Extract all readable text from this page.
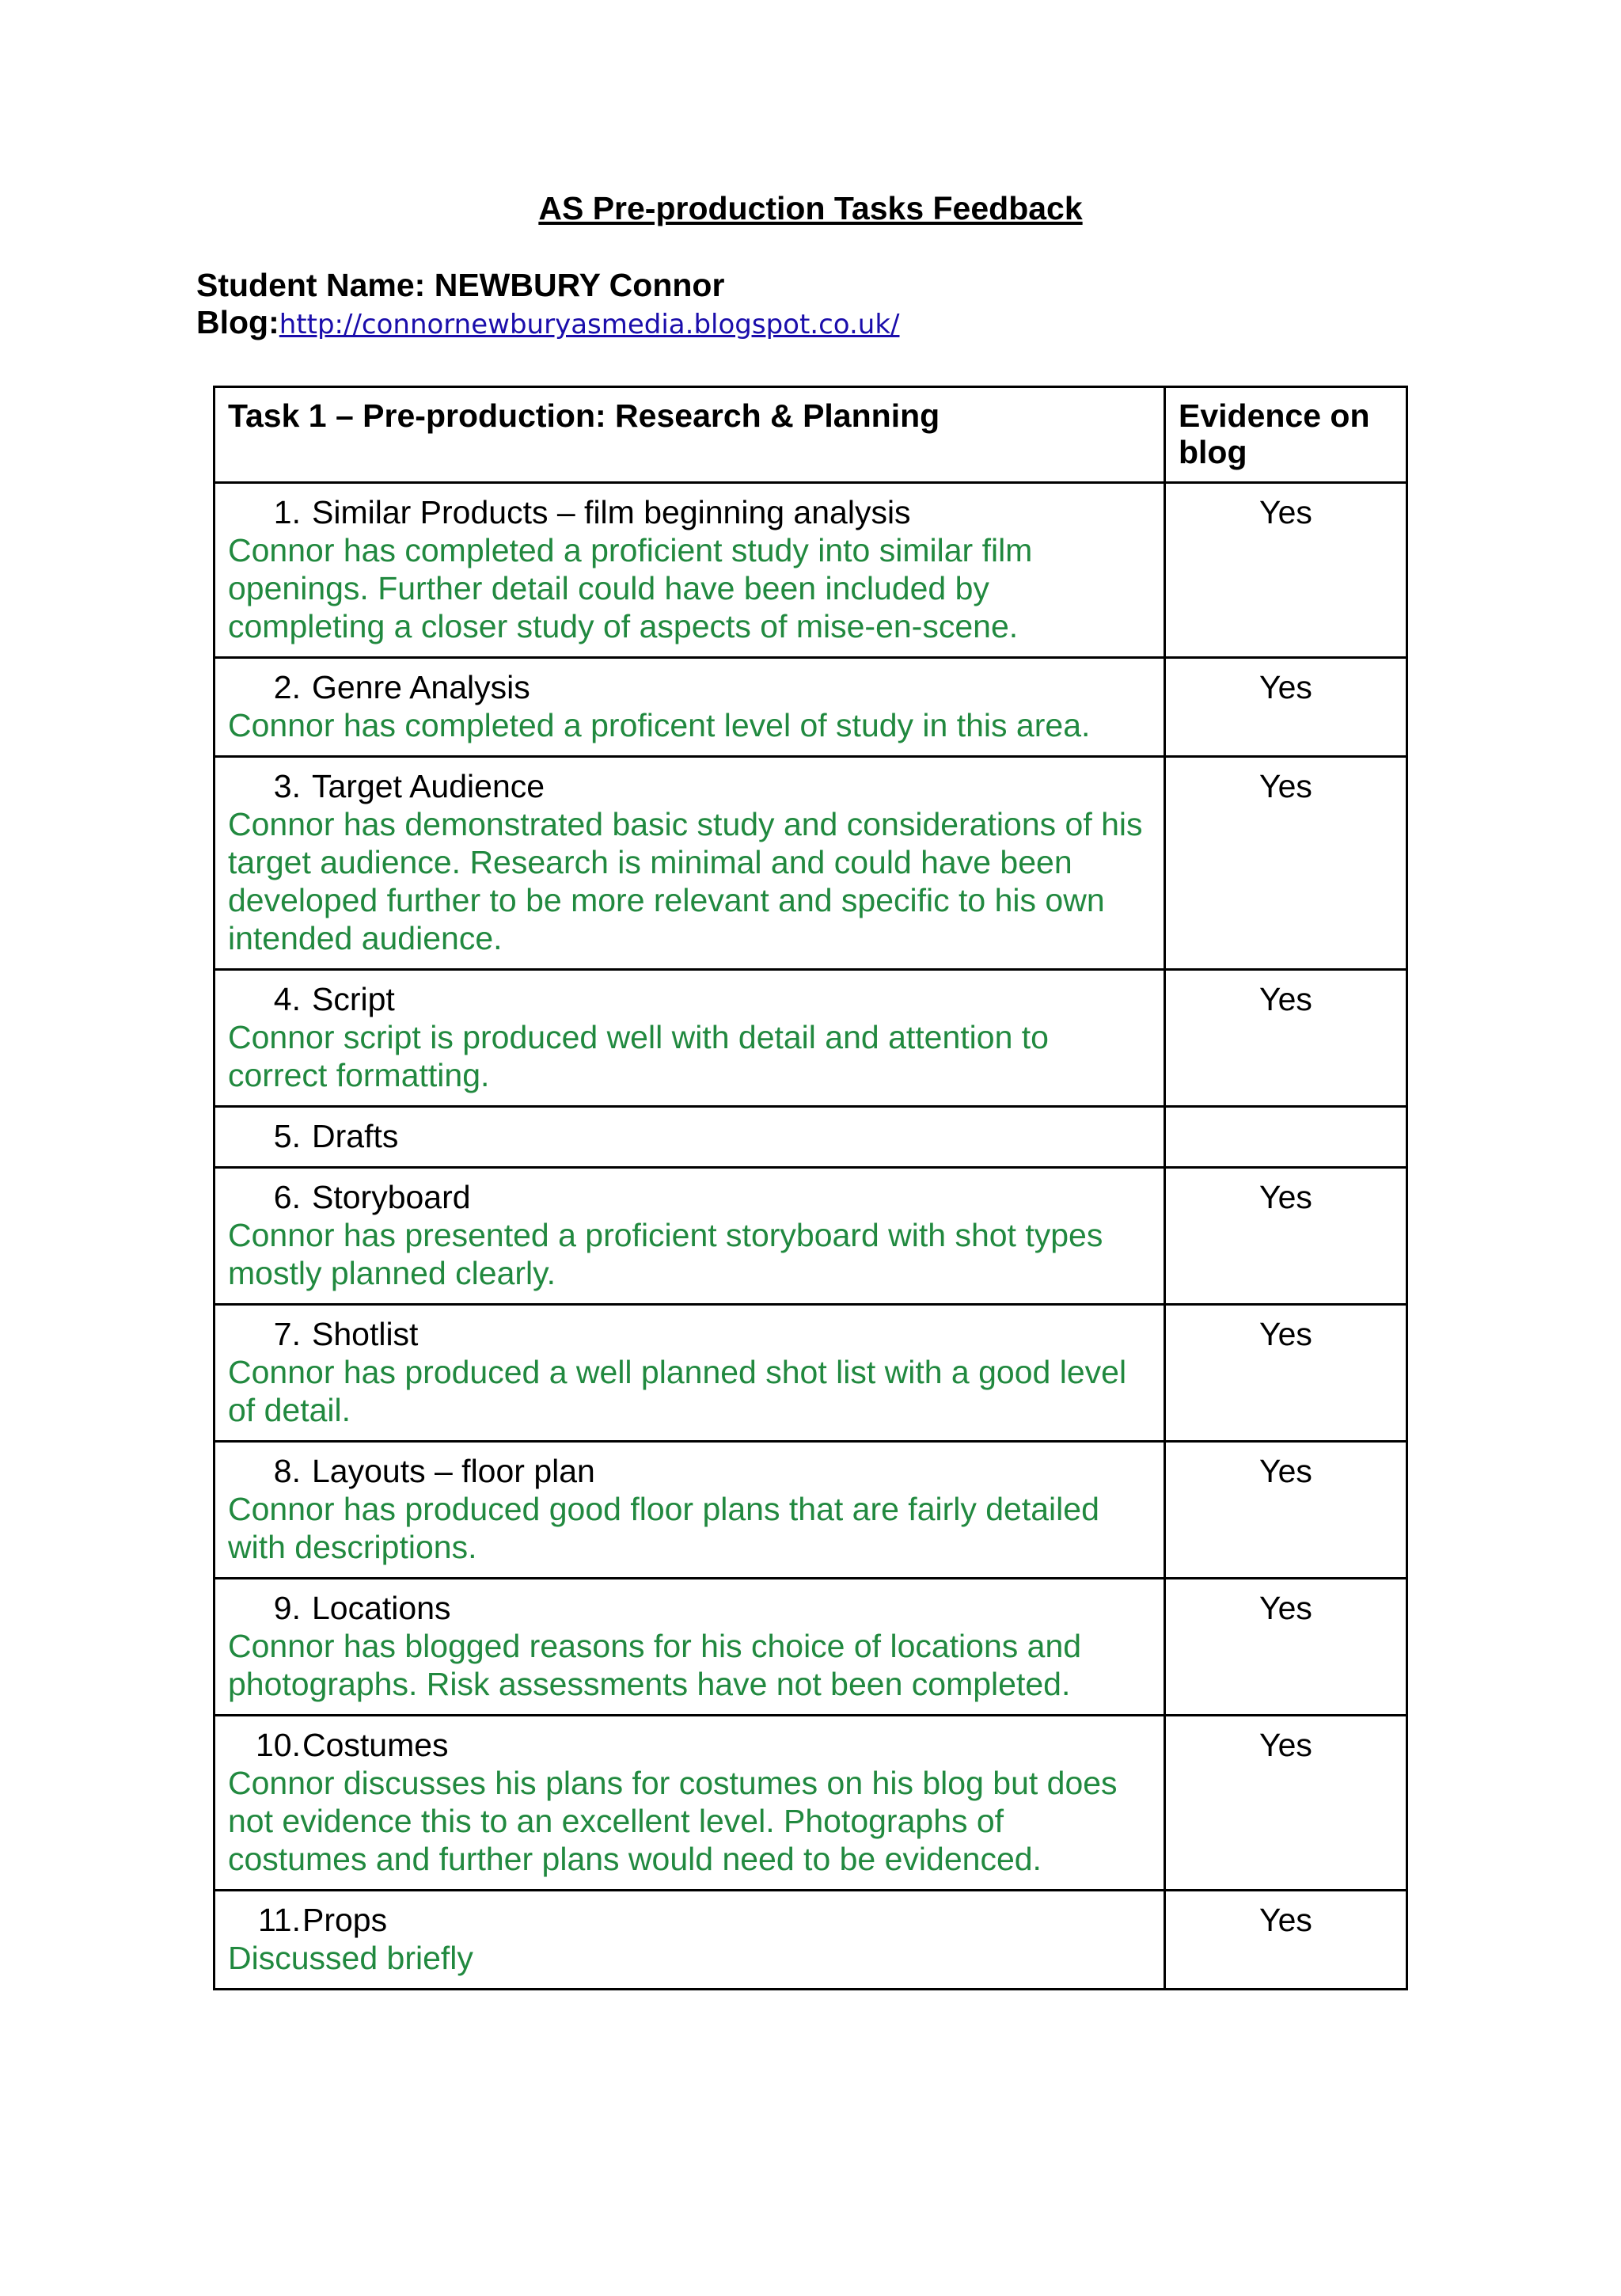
AS Pre-production Tasks Feedback
Student Name: NEWBURY Connor
Blog:http://connornewburyasmedia.blogspot.co.uk/
Task 1 – Pre-production: Research & Planning	Evidence on blog

1. Similar Products – film beginning analysis
Connor has completed a proficient study into similar film openings. Further detail could have been included by completing a closer study of aspects of mise-en-scene.	Yes

2. Genre Analysis
Connor has completed a proficent level of study in this area.	Yes

3. Target Audience
Connor has demonstrated basic study and considerations of his target audience. Research is minimal and could have been developed further to be more relevant and specific to his own intended audience.	Yes

4. Script
Connor script is produced well with detail and attention to correct formatting.	Yes

5. Drafts	

6. Storyboard
Connor has presented a proficient storyboard with shot types mostly planned clearly.	Yes

7. Shotlist
Connor has produced a well planned shot list with a good level of detail.	Yes

8. Layouts – floor plan
Connor has produced good floor plans that are fairly detailed with descriptions.	Yes

9. Locations
Connor has blogged reasons for his choice of locations and photographs. Risk assessments have not been completed.	Yes

10. Costumes
Connor discusses his plans for costumes on his blog but does not evidence this to an excellent level. Photographs of costumes and further plans would need to be evidenced.	Yes

11. Props
Discussed briefly	Yes
